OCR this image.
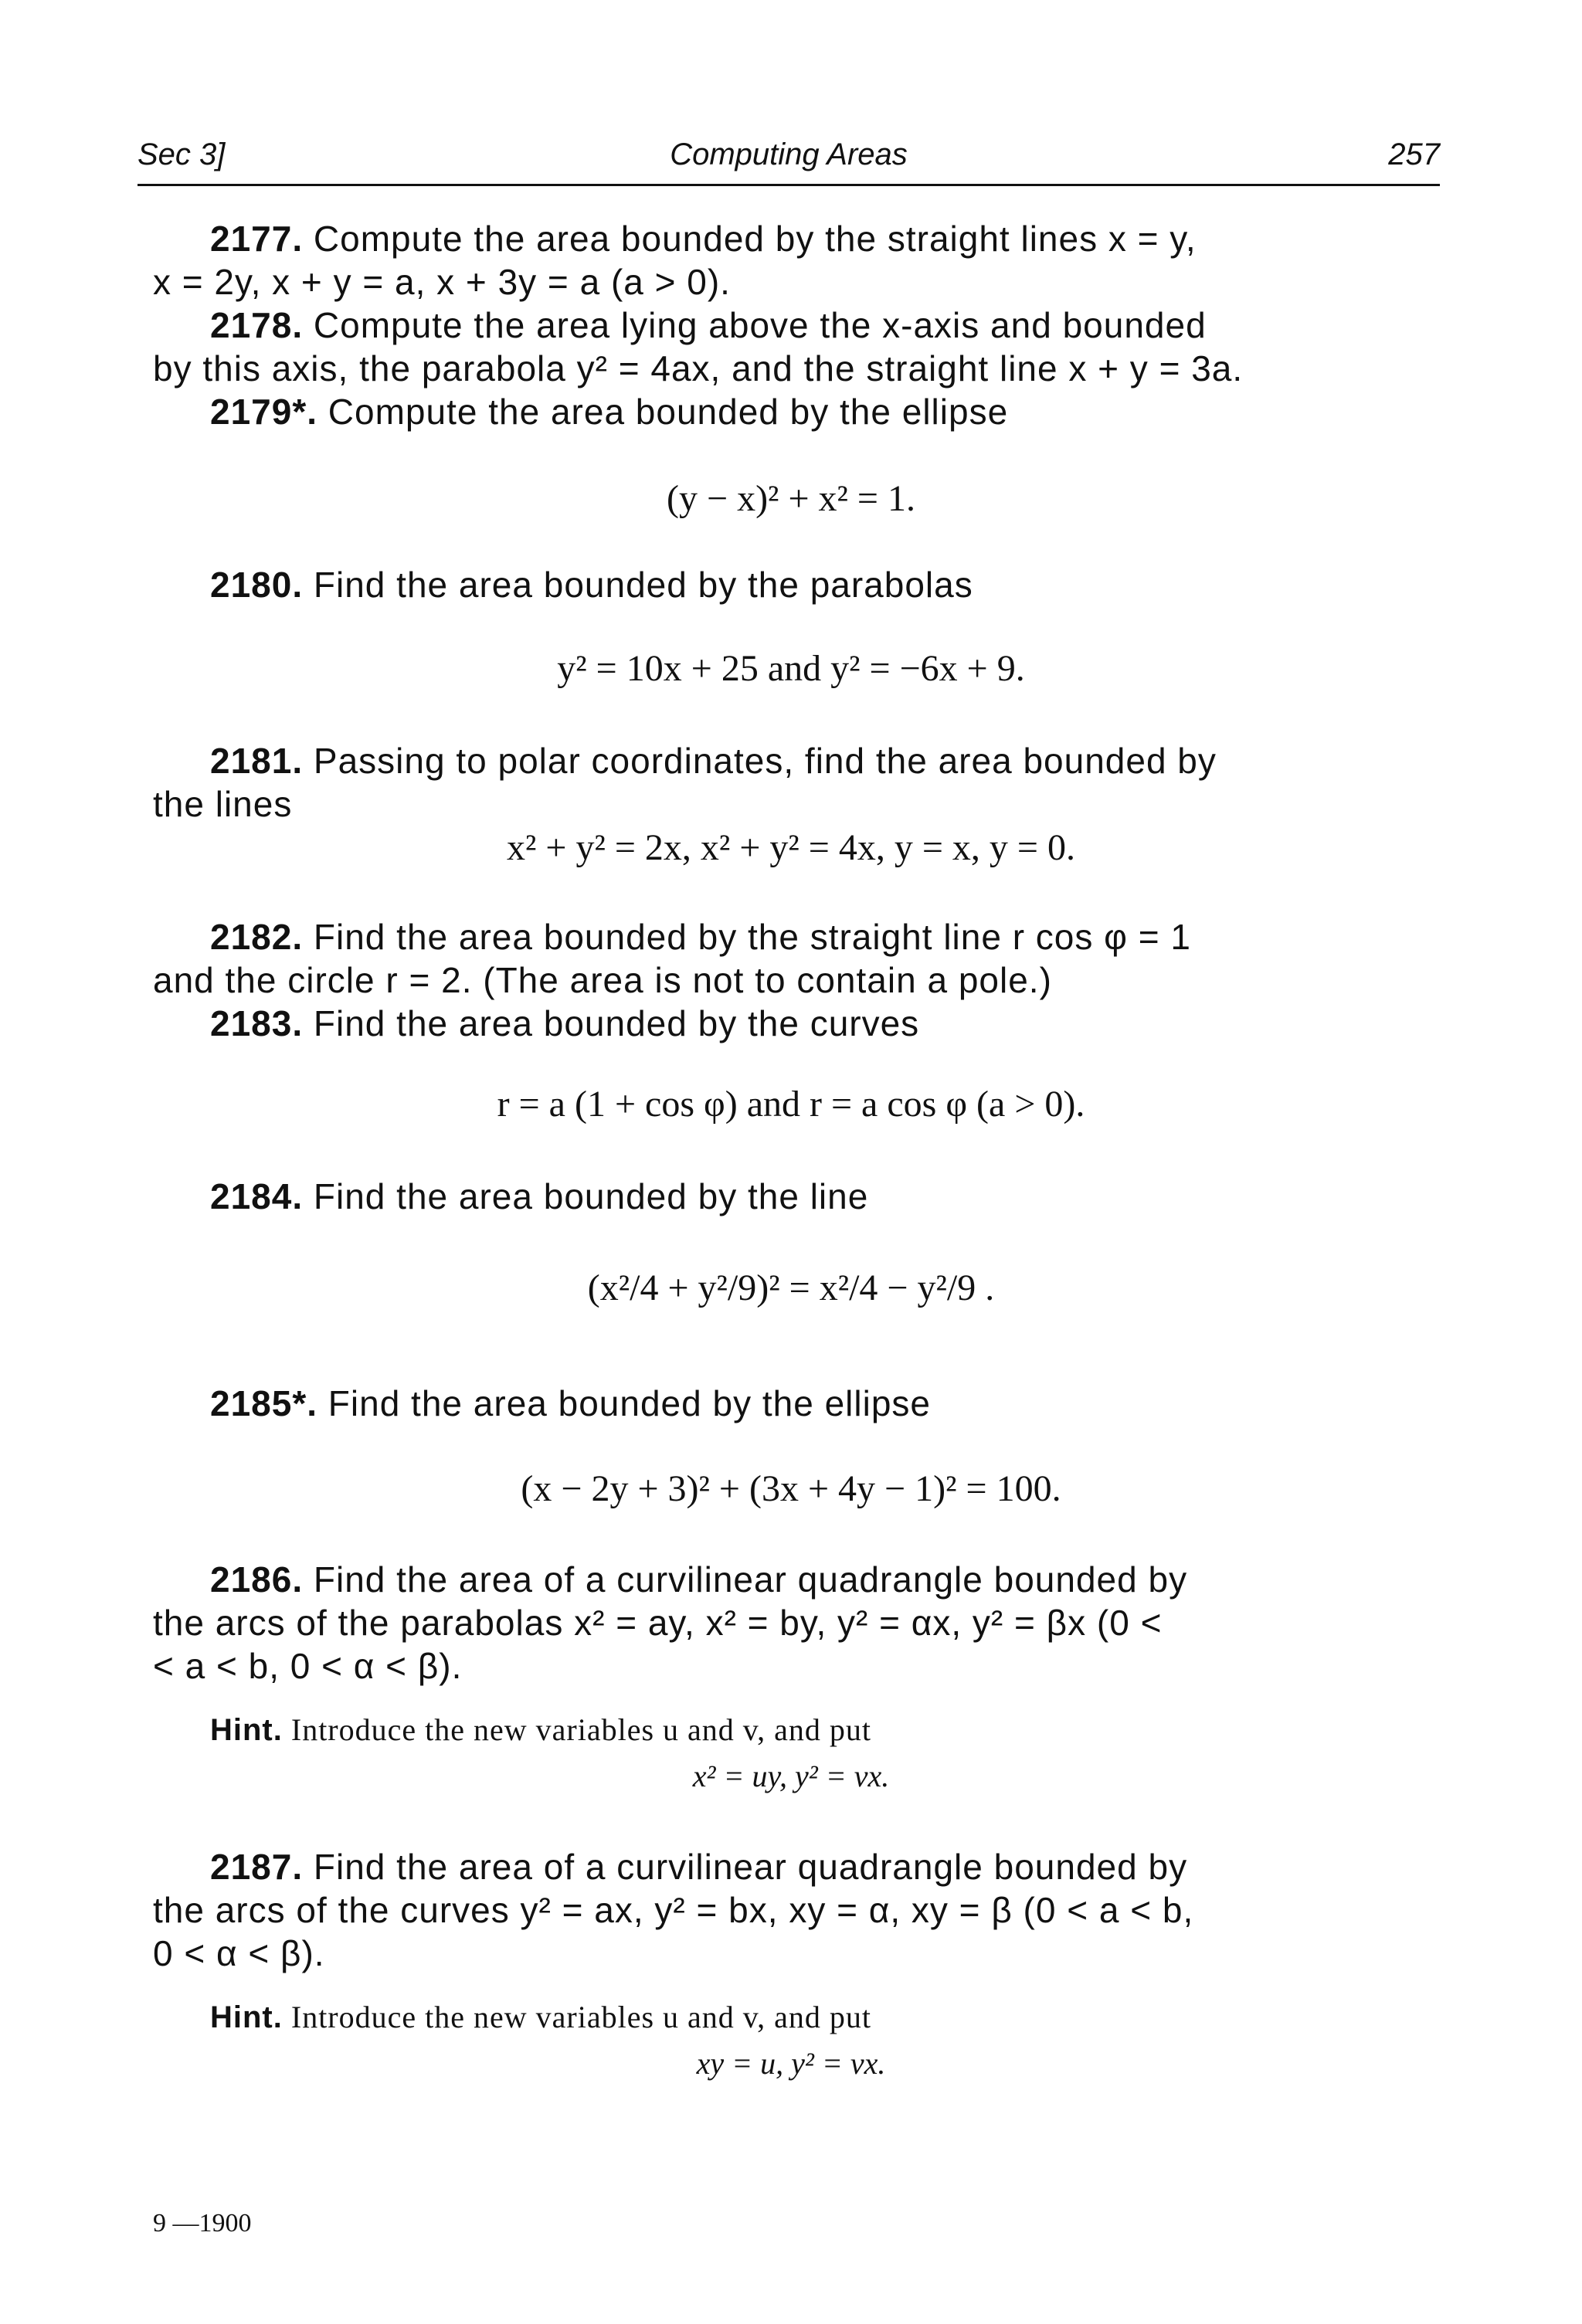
Sec 3]	Computing Areas	257
2177. Compute the area bounded by the straight lines x = y,
x = 2y, x + y = a, x + 3y = a (a > 0).
2178. Compute the area lying above the x-axis and bounded
by this axis, the parabola y² = 4ax, and the straight line x + y = 3a.
2179*. Compute the area bounded by the ellipse
(y − x)² + x² = 1.
2180. Find the area bounded by the parabolas
y² = 10x + 25 and y² = −6x + 9.
2181. Passing to polar coordinates, find the area bounded by
the lines
x² + y² = 2x, x² + y² = 4x, y = x, y = 0.
2182. Find the area bounded by the straight line r cos φ = 1
and the circle r = 2. (The area is not to contain a pole.)
2183. Find the area bounded by the curves
r = a (1 + cos φ) and r = a cos φ (a > 0).
2184. Find the area bounded by the line
(x²/4 + y²/9)² = x²/4 − y²/9 .
2185*. Find the area bounded by the ellipse
(x − 2y + 3)² + (3x + 4y − 1)² = 100.
2186. Find the area of a curvilinear quadrangle bounded by
the arcs of the parabolas x² = ay, x² = by, y² = αx, y² = βx (0 <
< a < b, 0 < α < β).
Hint. Introduce the new variables u and v, and put
x² = uy, y² = vx.
2187. Find the area of a curvilinear quadrangle bounded by
the arcs of the curves y² = ax, y² = bx, xy = α, xy = β (0 < a < b,
0 < α < β).
Hint. Introduce the new variables u and v, and put
xy = u, y² = vx.
9 —1900
